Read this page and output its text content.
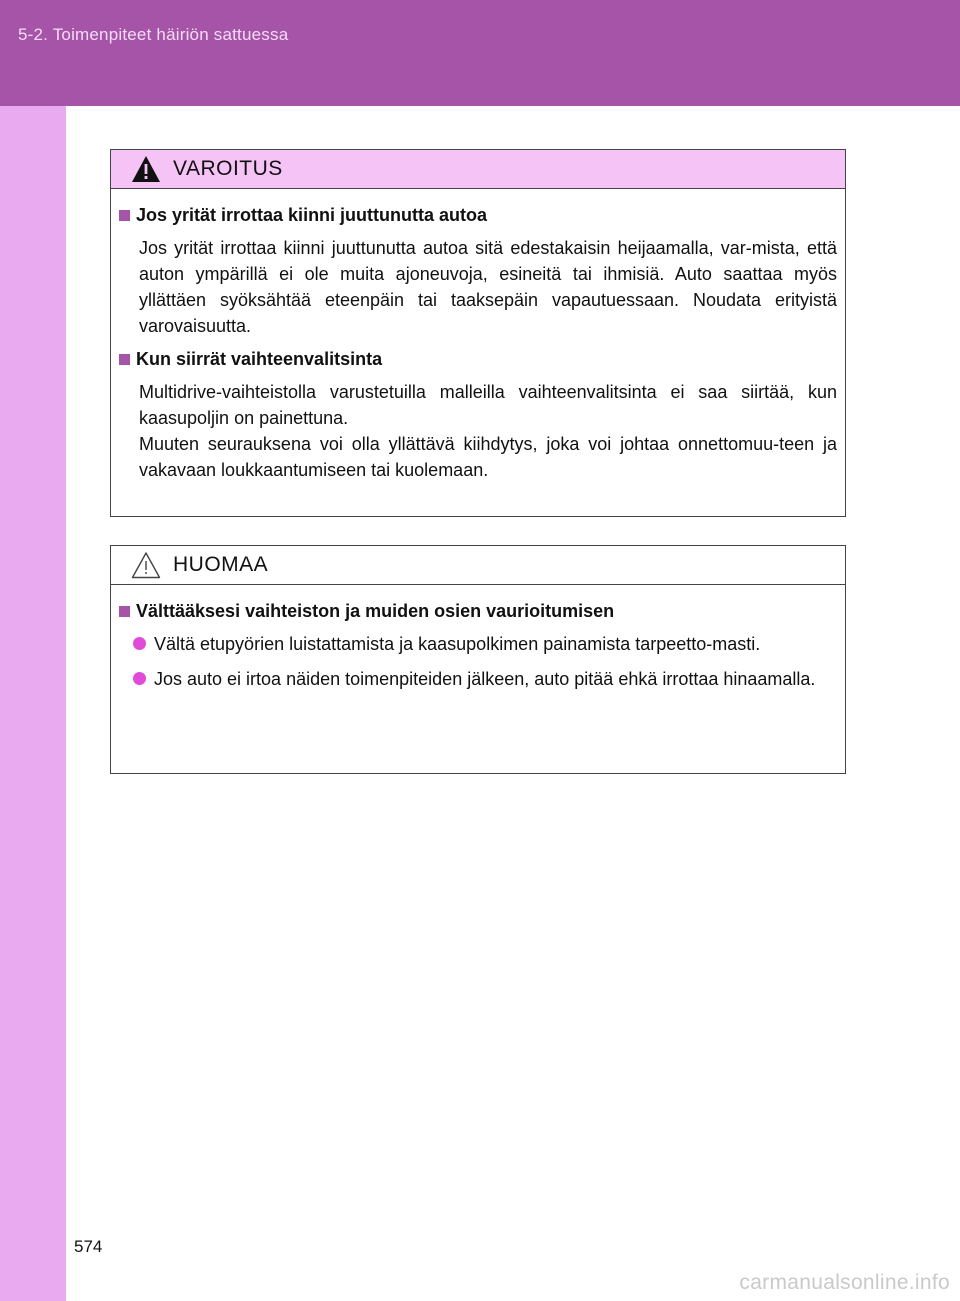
5-2. Toimenpiteet häiriön sattuessa
VAROITUS
Jos yrität irrottaa kiinni juuttunutta autoa

Jos yrität irrottaa kiinni juuttunutta autoa sitä edestakaisin heijaamalla, var-mista, että auton ympärillä ei ole muita ajoneuvoja, esineitä tai ihmisiä. Auto saattaa myös yllättäen syöksähtää eteenpäin tai taaksepäin vapautuessaan. Noudata erityistä varovaisuutta.

Kun siirrät vaihteenvalitsinta

Multidrive-vaihteistolla varustetuilla malleilla vaihteenvalitsinta ei saa siirtää, kun kaasupoljin on painettuna.

Muuten seurauksena voi olla yllättävä kiihdytys, joka voi johtaa onnettomuu-teen ja vakavaan loukkaantumiseen tai kuolemaan.

HUOMAA
Välttääksesi vaihteiston ja muiden osien vaurioitumisen
Vältä etupyörien luistattamista ja kaasupolkimen painamista tarpeetto-masti.
Jos auto ei irtoa näiden toimenpiteiden jälkeen, auto pitää ehkä irrottaa hinaamalla.
574
carmanualsonline.info
